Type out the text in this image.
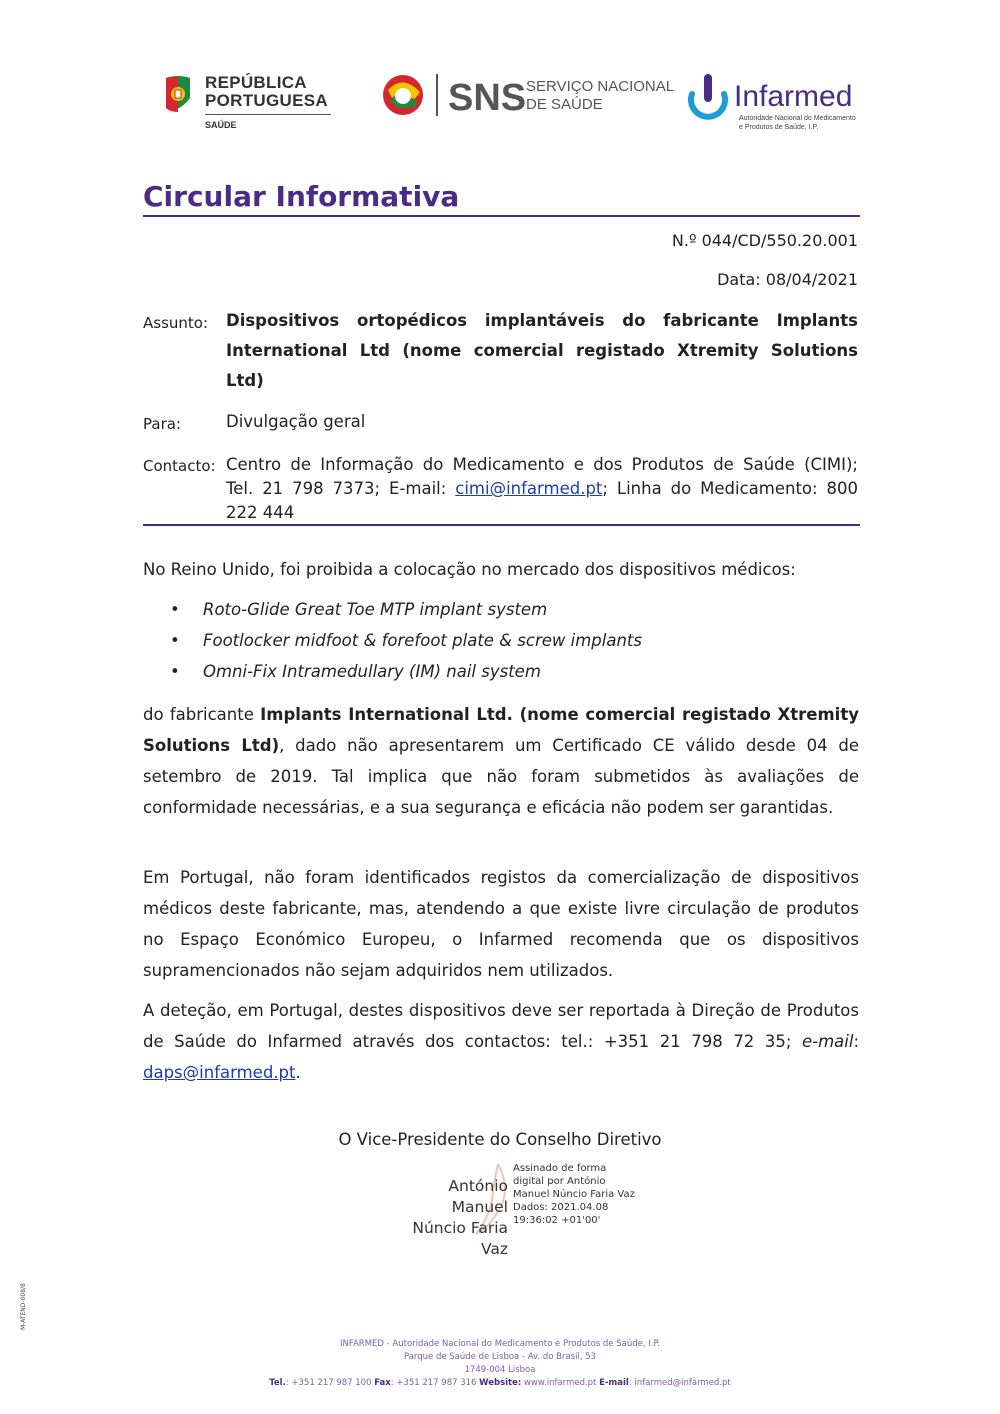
REPÚBLICA
PORTUGUESA
SAÚDE
SNS SERVIÇO NACIONAL
DE SAÚDE	Infarmed
Autoridade Nacional do Medicamento
e Produtos de Saúde, I.P.
Circular Informativa
N.º 044/CD/550.20.001
Data: 08/04/2021
Assunto: Dispositivos ortopédicos implantáveis do fabricante Implants
International Ltd (nome comercial registado Xtremity Solutions
Ltd)
Para:	Divulgação geral
Contacto: Centro de Informação do Medicamento e dos Produtos de Saúde (CIMI);
Tel. 21 798 7373; E-mail: cimi@infarmed.pt; Linha do Medicamento: 800
222 444
No Reino Unido, foi proibida a colocação no mercado dos dispositivos médicos:
• Roto-Glide Great Toe MTP implant system
• Footlocker midfoot & forefoot plate & screw implants
• Omni-Fix Intramedullary (IM) nail system
do fabricante Implants International Ltd. (nome comercial registado Xtremity Solutions Ltd), dado não apresentarem um Certificado CE válido desde 04 de setembro de 2019. Tal implica que não foram submetidos às avaliações de conformidade necessárias, e a sua segurança e eficácia não podem ser garantidas.
Em Portugal, não foram identificados registos da comercialização de dispositivos médicos deste fabricante, mas, atendendo a que existe livre circulação de produtos no Espaço Económico Europeu, o Infarmed recomenda que os dispositivos supramencionados não sejam adquiridos nem utilizados.
A deteção, em Portugal, destes dispositivos deve ser reportada à Direção de Produtos de Saúde do Infarmed através dos contactos: tel.: +351 21 798 72 35; e-mail: daps@infarmed.pt.
O Vice-Presidente do Conselho Diretivo
António Manuel
Núncio Faria Vaz
Assinado de forma
digital por António
Manuel Núncio Faria Vaz
Dados: 2021.04.08
19:36:02 +01'00'
M-ATEND-008/8
INFARMED - Autoridade Nacional do Medicamento e Produtos de Saúde, I.P.
Parque de Saúde de Lisboa - Av. do Brasil, 53
1749-004 Lisboa
Tel.: +351 217 987 100 Fax: +351 217 987 316 Website: www.infarmed.pt E-mail: infarmed@infarmed.pt
